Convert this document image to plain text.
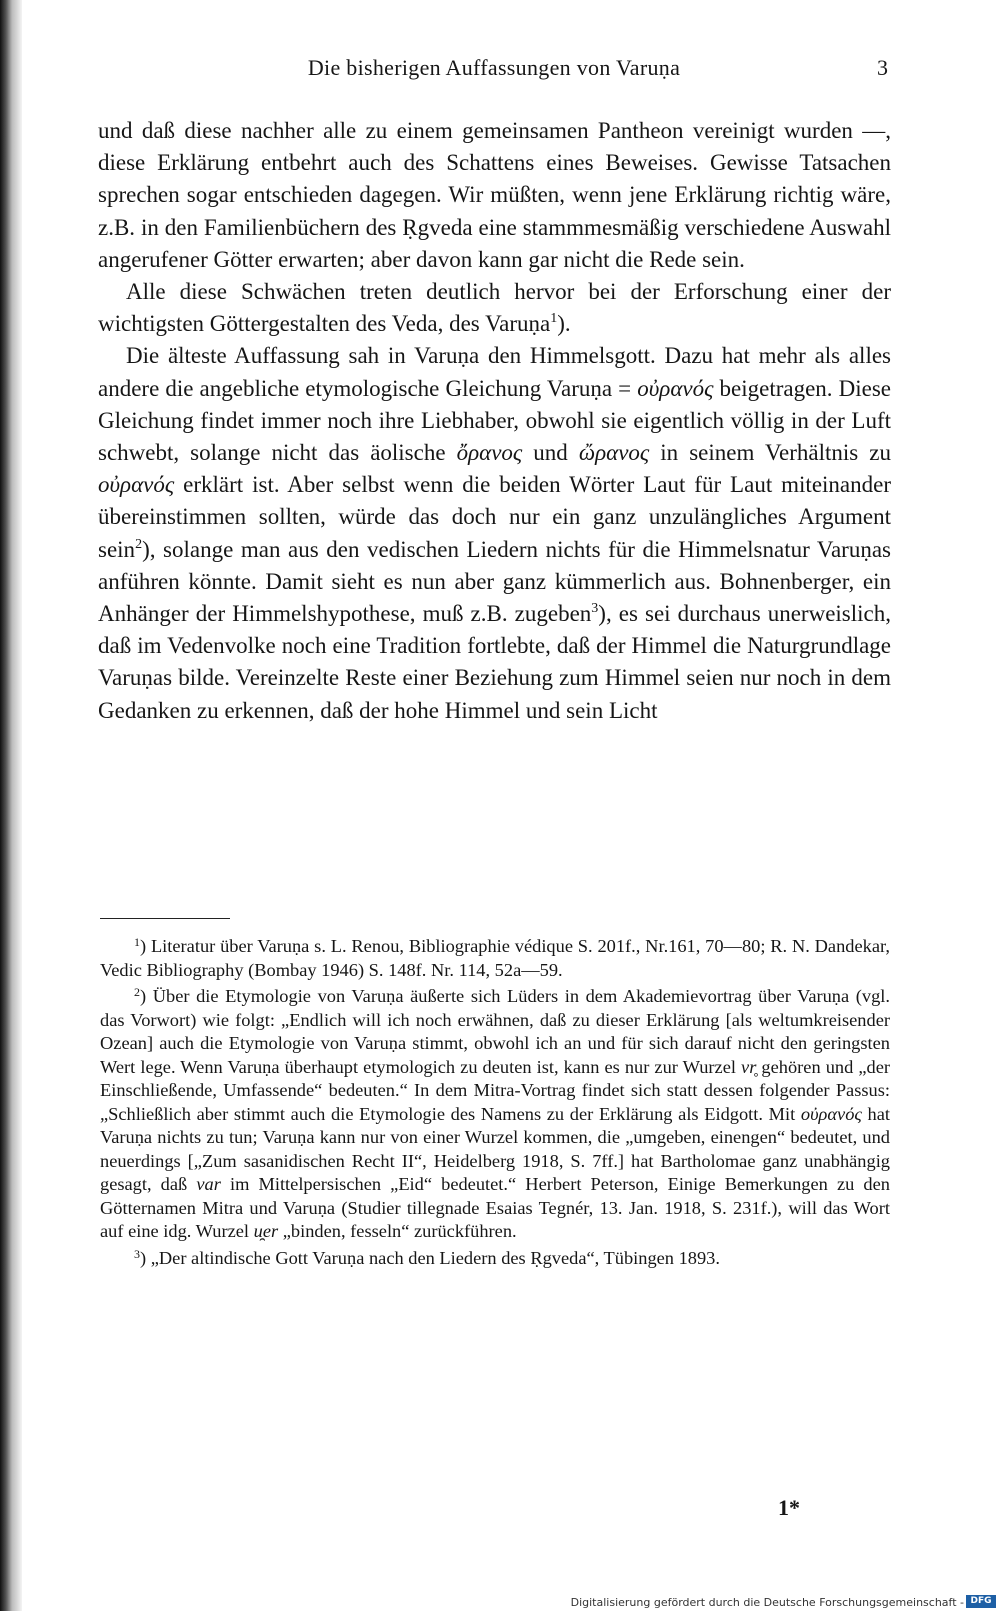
Die bisherigen Auffassungen von Varuṇa	3

und daß diese nachher alle zu einem gemeinsamen Pantheon vereinigt wurden —, diese Erklärung entbehrt auch des Schattens eines Beweises. Gewisse Tatsachen sprechen sogar entschieden dagegen. Wir müßten, wenn jene Erklärung richtig wäre, z.B. in den Familienbüchern des Ṛgveda eine stammmesmäßig verschiedene Auswahl angerufener Götter erwarten; aber davon kann gar nicht die Rede sein.

Alle diese Schwächen treten deutlich hervor bei der Erforschung einer der wichtigsten Göttergestalten des Veda, des Varuṇa$^1$).

Die älteste Auffassung sah in Varuṇa den Himmelsgott. Dazu hat mehr als alles andere die angebliche etymologische Gleichung Varuṇa = οὐρανός beigetragen. Diese Gleichung findet immer noch ihre Liebhaber, obwohl sie eigentlich völlig in der Luft schwebt, solange nicht das äolische ὄρανος und ὤρανος in seinem Verhältnis zu οὐρανός erklärt ist. Aber selbst wenn die beiden Wörter Laut für Laut miteinander übereinstimmen sollten, würde das doch nur ein ganz unzulängliches Argument sein$^2$), solange man aus den vedischen Liedern nichts für die Himmelsnatur Varuṇas anführen könnte. Damit sieht es nun aber ganz kümmerlich aus. Bohnenberger, ein Anhänger der Himmelshypothese, muß z.B. zugeben$^3$), es sei durchaus unerweislich, daß im Vedenvolke noch eine Tradition fortlebte, daß der Himmel die Naturgrundlage Varuṇas bilde. Vereinzelte Reste einer Beziehung zum Himmel seien nur noch in dem Gedanken zu erkennen, daß der hohe Himmel und sein Licht

$^1$) Literatur über Varuṇa s. L. Renou, Bibliographie védique S. 201f., Nr.161, 70—80; R. N. Dandekar, Vedic Bibliography (Bombay 1946) S. 148f. Nr. 114, 52a—59.

$^2$) Über die Etymologie von Varuṇa äußerte sich Lüders in dem Akademievortrag über Varuṇa (vgl. das Vorwort) wie folgt: „Endlich will ich noch erwähnen, daß zu dieser Erklärung [als weltumkreisender Ozean] auch die Etymologie von Varuṇa stimmt, obwohl ich an und für sich darauf nicht den geringsten Wert lege. Wenn Varuṇa überhaupt etymologich zu deuten ist, kann es nur zur Wurzel vr̥ gehören und „der Einschließende, Umfassende“ bedeuten.“ In dem Mitra-Vortrag findet sich statt dessen folgender Passus: „Schließlich aber stimmt auch die Etymologie des Namens zu der Erklärung als Eidgott. Mit οὐρανός hat Varuṇa nichts zu tun; Varuṇa kann nur von einer Wurzel kommen, die „umgeben, einengen“ bedeutet, und neuerdings [„Zum sasanidischen Recht II“, Heidelberg 1918, S. 7ff.] hat Bartholomae ganz unabhängig gesagt, daß var im Mittelpersischen „Eid“ bedeutet.“ Herbert Peterson, Einige Bemerkungen zu den Götternamen Mitra und Varuṇa (Studier tillegnade Esaias Tegnér, 13. Jan. 1918, S. 231f.), will das Wort auf eine idg. Wurzel u̯er „binden, fesseln“ zurückführen.

$^3$) „Der altindische Gott Varuṇa nach den Liedern des Ṛgveda“, Tübingen 1893.

1*
Digitalisierung gefördert durch die Deutsche Forschungsgemeinschaft - DFG
